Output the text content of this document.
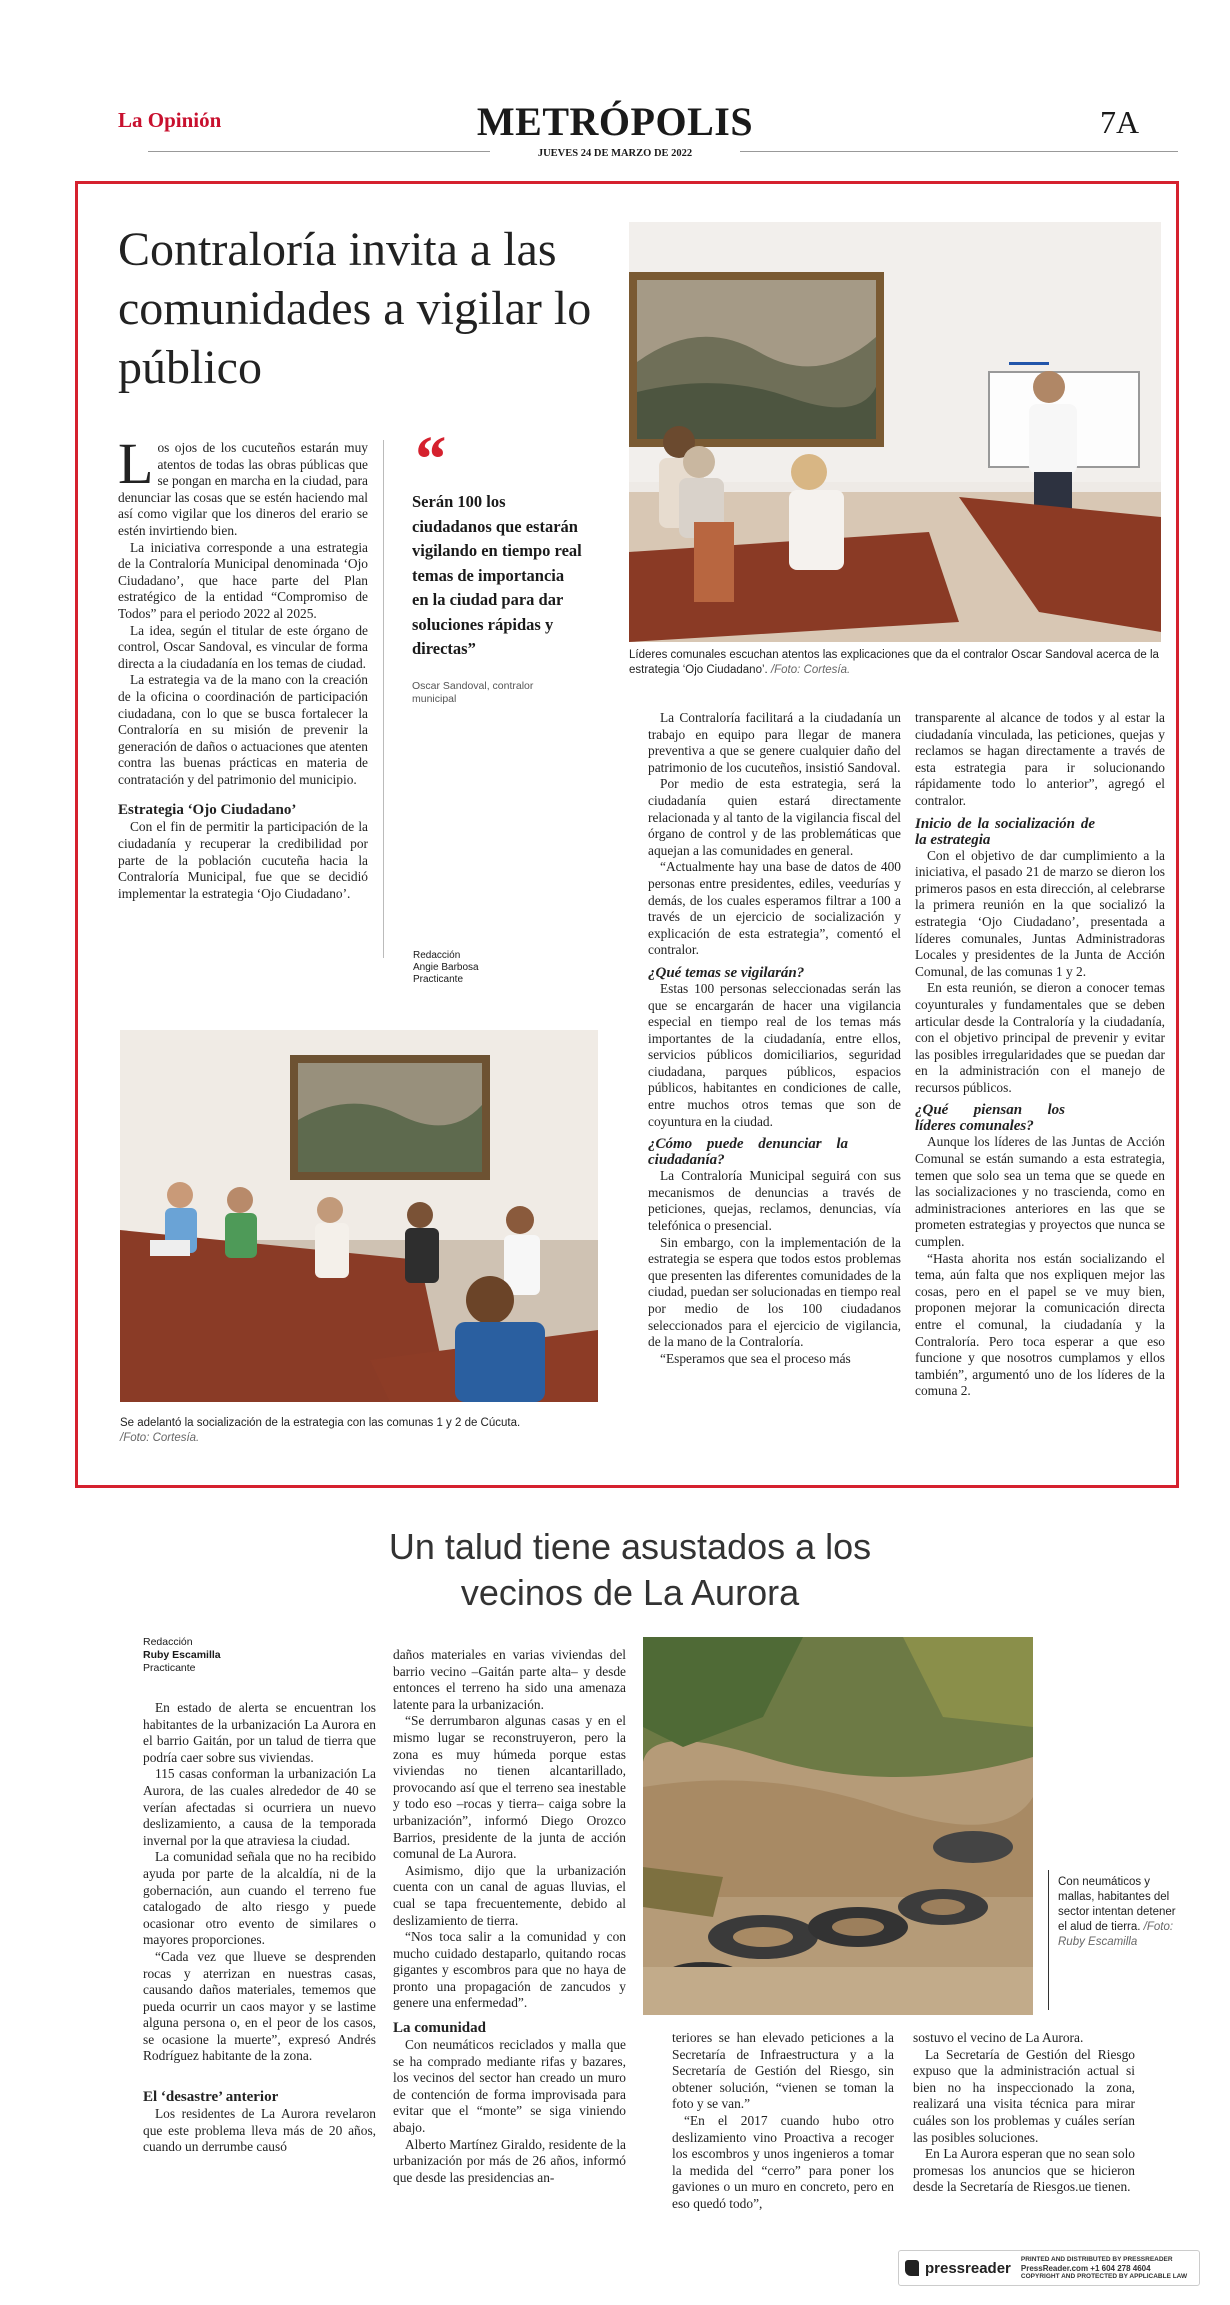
La Opinión	METRÓPOLIS	7A
JUEVES 24 DE MARZO DE 2022
Contraloría invita a las comunidades a vigilar lo público
Los ojos de los cucuteños estarán muy atentos de todas las obras públicas que se pongan en marcha en la ciudad, para denunciar las cosas que se estén haciendo mal así como vigilar que los dineros del erario se estén invirtiendo bien.

La iniciativa corresponde a una estrategia de la Contraloría Municipal denominada ‘Ojo Ciudadano’, que hace parte del Plan estratégico de la entidad “Compromiso de Todos” para el periodo 2022 al 2025.

La idea, según el titular de este órgano de control, Oscar Sandoval, es vincular de forma directa a la ciudadanía en los temas de ciudad.

La estrategia va de la mano con la creación de la oficina o coordinación de participación ciudadana, con lo que se busca fortalecer la Contraloría en su misión de prevenir la generación de daños o actuaciones que atenten contra las buenas prácticas en materia de contratación y del patrimonio del municipio.

Estrategia ‘Ojo Ciudadano’

Con el fin de permitir la participación de la ciudadanía y recuperar la credibilidad por parte de la población cucuteña hacia la Contraloría Municipal, fue que se decidió implementar la estrategia ‘Ojo Ciudadano’.

“
Serán 100 los ciudadanos que estarán vigilando en tiempo real temas de importancia en la ciudad para dar soluciones rápidas y directas”
Oscar Sandoval, contralor municipal
Redacción
Angie Barbosa
Practicante
Líderes comunales escuchan atentos las explicaciones que da el contralor Oscar Sandoval acerca de la estrategia ‘Ojo Ciudadano’. /Foto: Cortesía.

La Contraloría facilitará a la ciudadanía un trabajo en equipo para llegar de manera preventiva a que se genere cualquier daño del patrimonio de los cucuteños, insistió Sandoval.

Por medio de esta estrategia, será la ciudadanía quien estará directamente relacionada y al tanto de la vigilancia fiscal del órgano de control y de las problemáticas que aquejan a las comunidades en general.

“Actualmente hay una base de datos de 400 personas entre presidentes, ediles, veedurías y demás, de los cuales esperamos filtrar a 100 a través de un ejercicio de socialización y explicación de esta estrategia”, comentó el contralor.

¿Qué temas se vigilarán?

Estas 100 personas seleccionadas serán las que se encargarán de hacer una vigilancia especial en tiempo real de los temas más importantes de la ciudadanía, entre ellos, servicios públicos domiciliarios, seguridad ciudadana, parques públicos, espacios públicos, habitantes en condiciones de calle, entre muchos otros temas que son de coyuntura en la ciudad.

¿Cómo puede denunciar la ciudadanía?

La Contraloría Municipal seguirá con sus mecanismos de denuncias a través de peticiones, quejas, reclamos, denuncias, vía telefónica o presencial.

Sin embargo, con la implementación de la estrategia se espera que todos estos problemas que presenten las diferentes comunidades de la ciudad, puedan ser solucionadas en tiempo real por medio de los 100 ciudadanos seleccionados para el ejercicio de vigilancia, de la mano de la Contraloría.

“Esperamos que sea el proceso más

transparente al alcance de todos y al estar la ciudadanía vinculada, las peticiones, quejas y reclamos se hagan directamente a través de esta estrategia para ir solucionando rápidamente todo lo anterior”, agregó el contralor.

Inicio de la socialización de la estrategia

Con el objetivo de dar cumplimiento a la iniciativa, el pasado 21 de marzo se dieron los primeros pasos en esta dirección, al celebrarse la primera reunión en la que socializó la estrategia ‘Ojo Ciudadano’, presentada a líderes comunales, Juntas Administradoras Locales y presidentes de la Junta de Acción Comunal, de las comunas 1 y 2.

En esta reunión, se dieron a conocer temas coyunturales y fundamentales que se deben articular desde la Contraloría y la ciudadanía, con el objetivo principal de prevenir y evitar las posibles irregularidades que se puedan dar en la administración con el manejo de recursos públicos.

¿Qué piensan los líderes comunales?

Aunque los líderes de las Juntas de Acción Comunal se están sumando a esta estrategia, temen que solo sea un tema que se quede en las socializaciones y no trascienda, como en administraciones anteriores en las que se prometen estrategias y proyectos que nunca se cumplen.

“Hasta ahorita nos están socializando el tema, aún falta que nos expliquen mejor las cosas, pero en el papel se ve muy bien, proponen mejorar la comunicación directa entre el comunal, la ciudadanía y la Contraloría. Pero toca esperar a que eso funcione y que nosotros cumplamos y ellos también”, argumentó uno de los líderes de la comuna 2.

Se adelantó la socialización de la estrategia con las comunas 1 y 2 de Cúcuta. /Foto: Cortesía.
Un talud tiene asustados a los vecinos de La Aurora
Redacción
Ruby Escamilla
Practicante

En estado de alerta se encuentran los habitantes de la urbanización La Aurora en el barrio Gaitán, por un talud de tierra que podría caer sobre sus viviendas.

115 casas conforman la urbanización La Aurora, de las cuales alrededor de 40 se verían afectadas si ocurriera un nuevo deslizamiento, a causa de la temporada invernal por la que atraviesa la ciudad.

La comunidad señala que no ha recibido ayuda por parte de la alcaldía, ni de la gobernación, aun cuando el terreno fue catalogado de alto riesgo y puede ocasionar otro evento de similares o mayores proporciones.

“Cada vez que llueve se desprenden rocas y aterrizan en nuestras casas, causando daños materiales, tememos que pueda ocurrir un caos mayor y se lastime alguna persona o, en el peor de los casos, se ocasione la muerte”, expresó Andrés Rodríguez habitante de la zona.

El ‘desastre’ anterior

Los residentes de La Aurora revelaron que este problema lleva más de 20 años, cuando un derrumbe causó

daños materiales en varias viviendas del barrio vecino –Gaitán parte alta– y desde entonces el terreno ha sido una amenaza latente para la urbanización.

“Se derrumbaron algunas casas y en el mismo lugar se reconstruyeron, pero la zona es muy húmeda porque estas viviendas no tienen alcantarillado, provocando así que el terreno sea inestable y todo eso –rocas y tierra– caiga sobre la urbanización”, informó Diego Orozco Barrios, presidente de la junta de acción comunal de La Aurora.

Asimismo, dijo que la urbanización cuenta con un canal de aguas lluvias, el cual se tapa frecuentemente, debido al deslizamiento de tierra.

“Nos toca salir a la comunidad y con mucho cuidado destaparlo, quitando rocas gigantes y escombros para que no haya de pronto una propagación de zancudos y genere una enfermedad”.

La comunidad

Con neumáticos reciclados y malla que se ha comprado mediante rifas y bazares, los vecinos del sector han creado un muro de contención de forma improvisada para evitar que el “monte” se siga viniendo abajo.

Alberto Martínez Giraldo, residente de la urbanización por más de 26 años, informó que desde las presidencias an-

Con neumáticos y mallas, habitantes del sector intentan detener el alud de tierra. /Foto: Ruby Escamilla

teriores se han elevado peticiones a la Secretaría de Infraestructura y a la Secretaría de Gestión del Riesgo, sin obtener solución, “vienen se toman la foto y se van.”

“En el 2017 cuando hubo otro deslizamiento vino Proactiva a recoger los escombros y unos ingenieros a tomar la medida del “cerro” para poner los gaviones o un muro en concreto, pero en eso quedó todo”,

sostuvo el vecino de La Aurora.

La Secretaría de Gestión del Riesgo expuso que la administración actual si bien no ha inspeccionado la zona, realizará una visita técnica para mirar cuáles son los problemas y cuáles serían las posibles soluciones.

En La Aurora esperan que no sean solo promesas los anuncios que se hicieron desde la Secretaría de Riesgos.ue tienen.

pressreader
PRINTED AND DISTRIBUTED BY PRESSREADER
PressReader.com +1 604 278 4604
COPYRIGHT AND PROTECTED BY APPLICABLE LAW
